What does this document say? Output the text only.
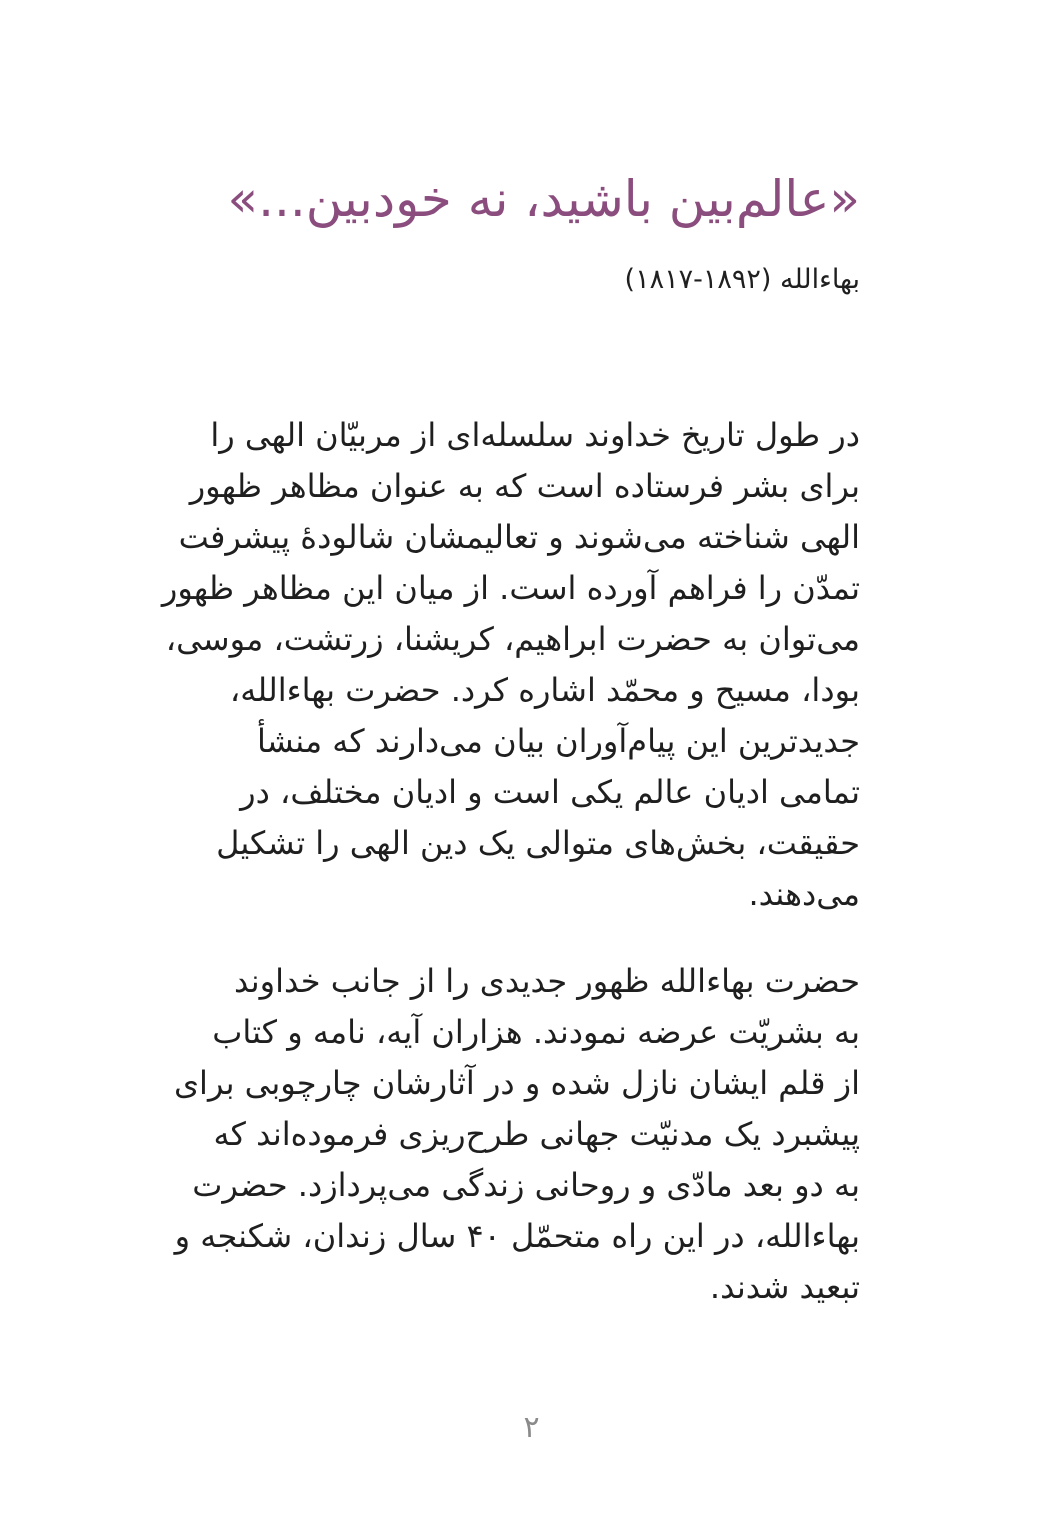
«عالم‌بین باشید، نه خودبین...»

بهاءالله (۱۸۹۲-۱۸۱۷)

در طول تاریخ خداوند سلسله‌ای از مربیّان الهی را
برای بشر فرستاده است که به عنوان مظاهر ظهور
الهی شناخته می‌شوند و تعالیمشان شالودهٔ پیشرفت
تمدّن را فراهم آورده است. از میان این مظاهر ظهور
می‌توان به حضرت ابراهیم، کریشنا، زرتشت، موسی،
بودا، مسیح و محمّد اشاره کرد. حضرت بهاءالله،
جدیدترین این پیام‌آوران بیان می‌دارند که منشأ
تمامی ادیان عالم یکی است و ادیان مختلف، در
حقیقت، بخش‌های متوالی یک دین الهی را تشکیل
می‌دهند.

حضرت بهاءالله ظهور جدیدی را از جانب خداوند
به بشریّت عرضه نمودند. هزاران آیه، نامه و کتاب
از قلم ایشان نازل شده و در آثارشان چارچوبی برای
پیشبرد یک مدنیّت جهانی طرح‌ریزی فرموده‌اند که
به دو بعد مادّی و روحانی زندگی می‌پردازد. حضرت
بهاءالله، در این راه متحمّل ۴۰ سال زندان، شکنجه و
تبعید شدند.

۲
